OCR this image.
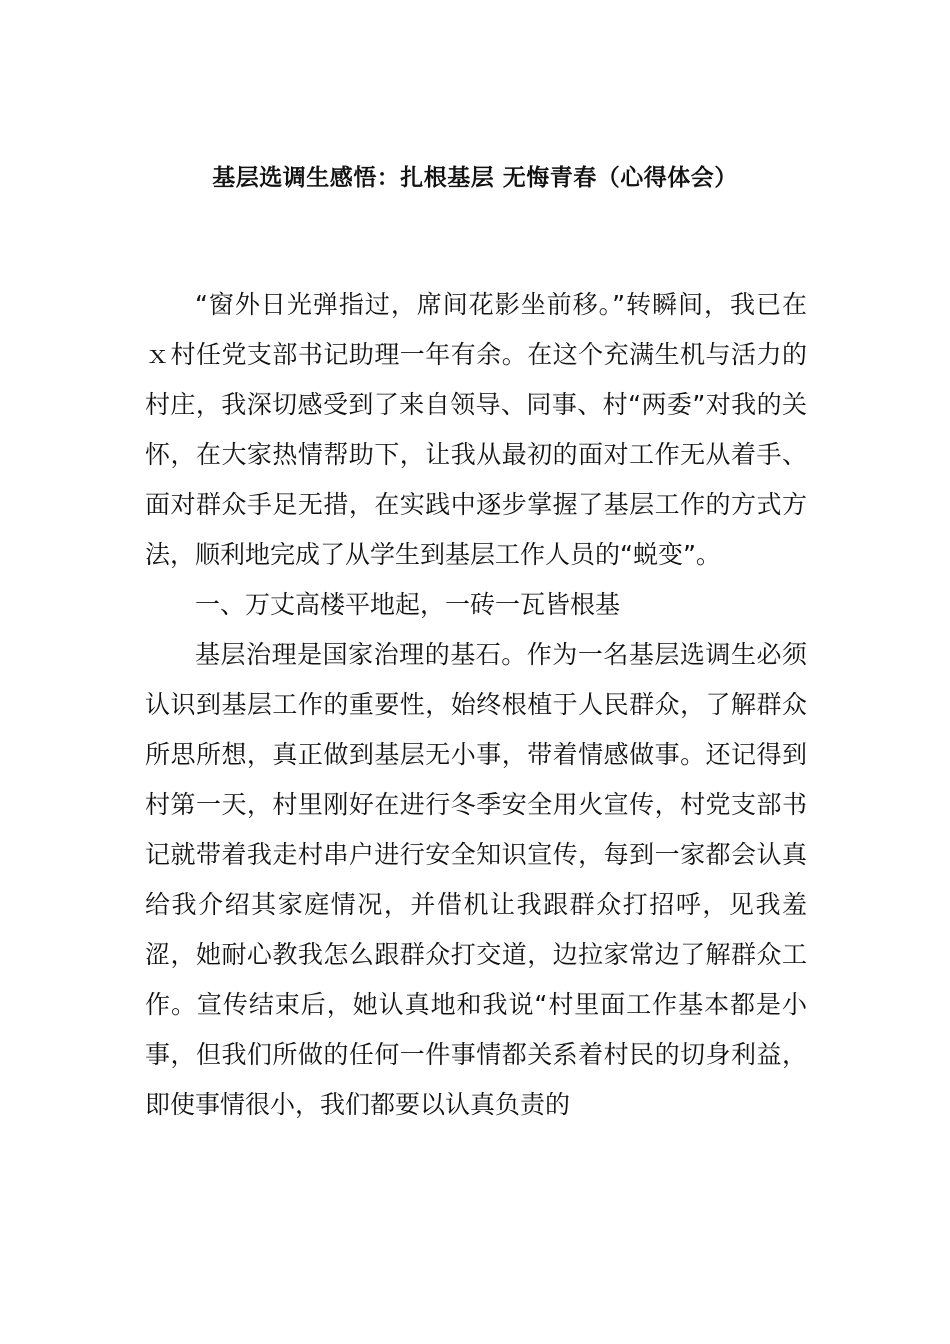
基层选调生感悟：扎根基层 无悔青春（心得体会）

“窗外日光弹指过，席间花影坐前移。”转瞬间，我已在ｘ村任党支部书记助理一年有余。在这个充满生机与活力的村庄，我深切感受到了来自领导、同事、村“两委”对我的关怀，在大家热情帮助下，让我从最初的面对工作无从着手、面对群众手足无措，在实践中逐步掌握了基层工作的方式方法，顺利地完成了从学生到基层工作人员的“蜕变”。

一、万丈高楼平地起，一砖一瓦皆根基

基层治理是国家治理的基石。作为一名基层选调生必须认识到基层工作的重要性，始终根植于人民群众，了解群众所思所想，真正做到基层无小事，带着情感做事。还记得到村第一天，村里刚好在进行冬季安全用火宣传，村党支部书记就带着我走村串户进行安全知识宣传，每到一家都会认真给我介绍其家庭情况，并借机让我跟群众打招呼，见我羞涩，她耐心教我怎么跟群众打交道，边拉家常边了解群众工作。宣传结束后，她认真地和我说“村里面工作基本都是小事，但我们所做的任何一件事情都关系着村民的切身利益，即使事情很小，我们都要以认真负责的
